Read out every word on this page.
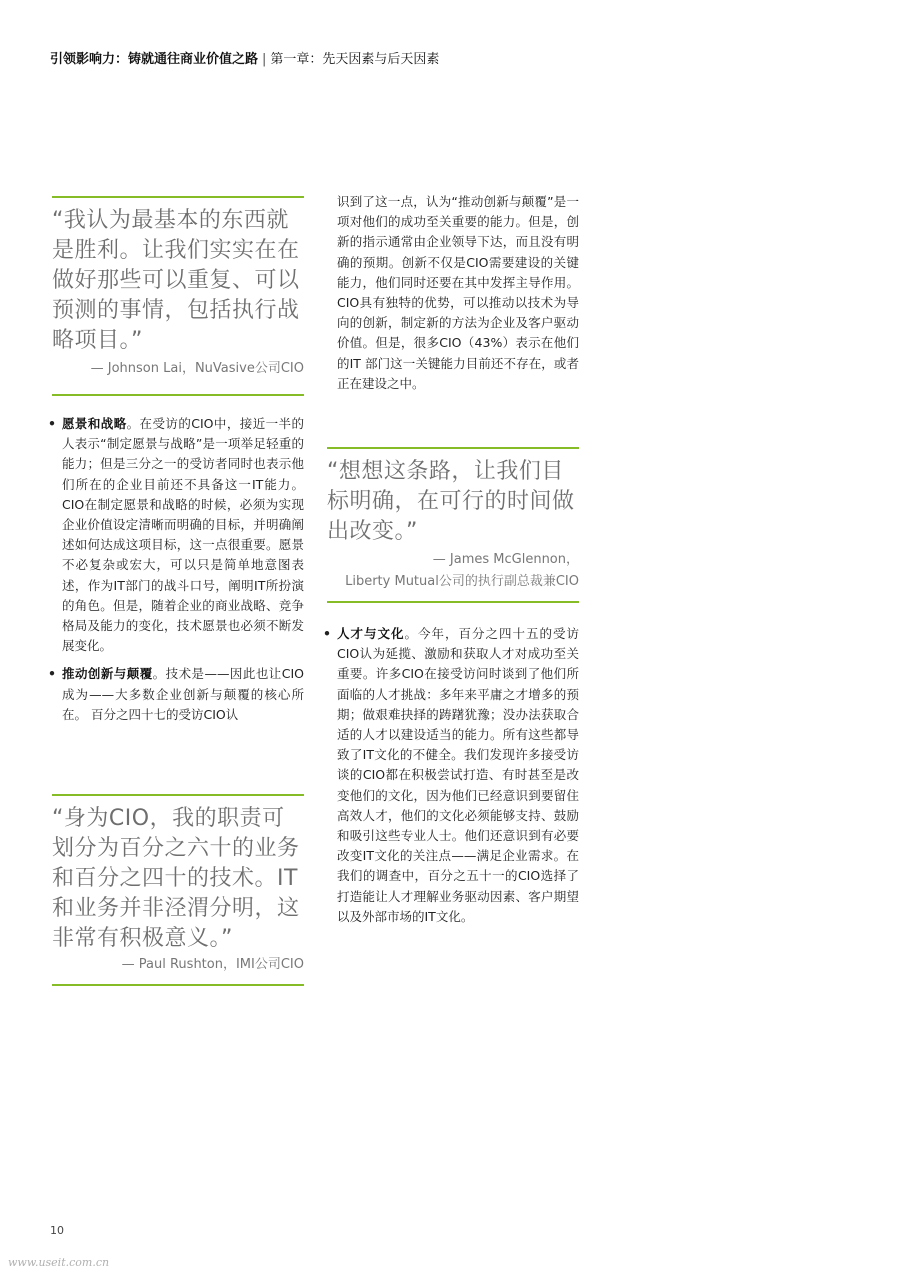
引领影响力：铸就通往商业价值之路 | 第一章：先天因素与后天因素
“我认为最基本的东西就是胜利。让我们实实在在做好那些可以重复、可以预测的事情，包括执行战略项目。”
— Johnson Lai，NuVasive公司CIO
• 愿景和战略。在受访的CIO中，接近一半的人表示“制定愿景与战略”是一项举足轻重的能力；但是三分之一的受访者同时也表示他们所在的企业目前还不具备这一IT能力。CIO在制定愿景和战略的时候，必须为实现企业价值设定清晰而明确的目标，并明确阐述如何达成这项目标，这一点很重要。愿景不必复杂或宏大，可以只是简单地意图表述，作为IT部门的战斗口号，阐明IT所扮演的角色。但是，随着企业的商业战略、竞争格局及能力的变化，技术愿景也必须不断发展变化。
• 推动创新与颠覆。技术是——因此也让CIO成为——大多数企业创新与颠覆的核心所在。 百分之四十七的受访CIO认
“身为CIO，我的职责可划分为百分之六十的业务和百分之四十的技术。IT和业务并非泾渭分明，这非常有积极意义。”
— Paul Rushton，IMI公司CIO
识到了这一点，认为“推动创新与颠覆”是一项对他们的成功至关重要的能力。但是，创新的指示通常由企业领导下达，而且没有明确的预期。创新不仅是CIO需要建设的关键能力，他们同时还要在其中发挥主导作用。CIO具有独特的优势，可以推动以技术为导向的创新，制定新的方法为企业及客户驱动价值。但是，很多CIO（43%）表示在他们的IT 部门这一关键能力目前还不存在，或者正在建设之中。
“想想这条路，让我们目标明确，在可行的时间做出改变。”
— James McGlennon，
Liberty Mutual公司的执行副总裁兼CIO
• 人才与文化。今年，百分之四十五的受访CIO认为延揽、激励和获取人才对成功至关重要。许多CIO在接受访问时谈到了他们所面临的人才挑战：多年来平庸之才增多的预期；做艰难抉择的踌躇犹豫；没办法获取合适的人才以建设适当的能力。所有这些都导致了IT文化的不健全。我们发现许多接受访谈的CIO都在积极尝试打造、有时甚至是改变他们的文化，因为他们已经意识到要留住高效人才，他们的文化必须能够支持、鼓励和吸引这些专业人士。他们还意识到有必要改变IT文化的关注点——满足企业需求。在我们的调查中，百分之五十一的CIO选择了打造能让人才理解业务驱动因素、客户期望以及外部市场的IT文化。
10
www.useit.com.cn
